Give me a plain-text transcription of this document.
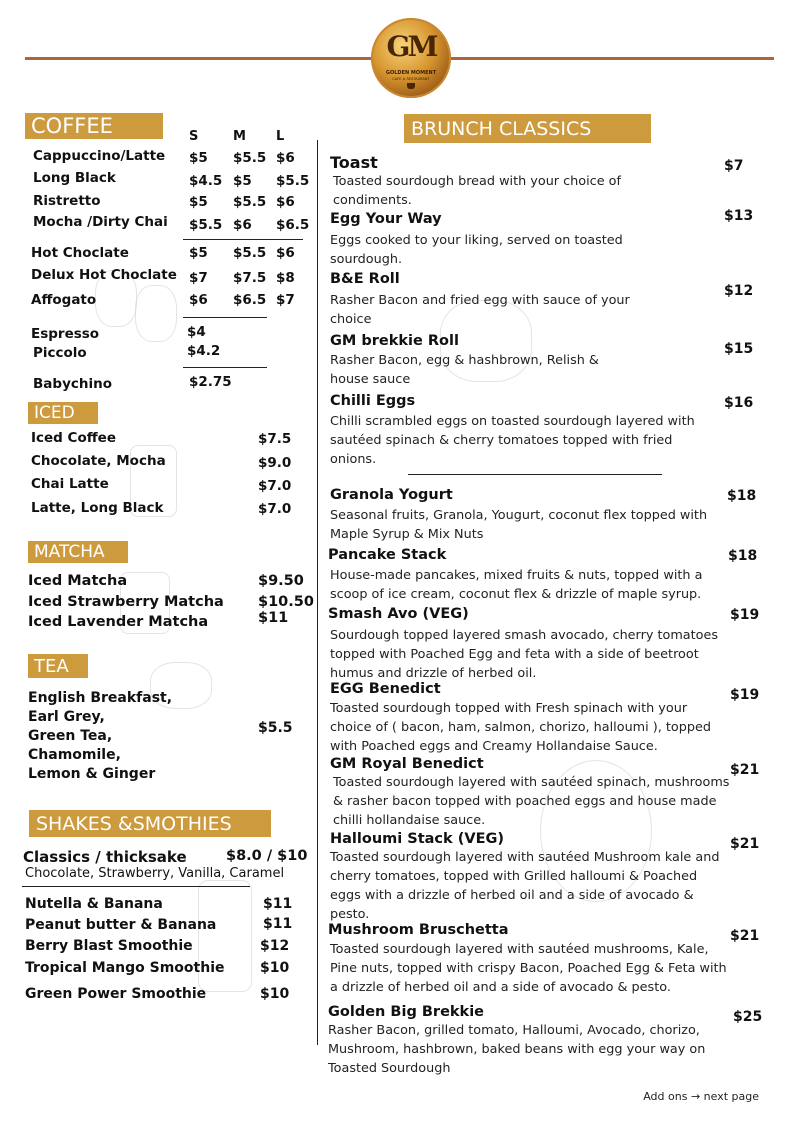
GM
GOLDEN MOMENT
CAFE & RESTAURANT
COFFEE	S	M L
Cappuccino/Latte $5 $5.5 $6
Long Black	$4.5 $5 $5.5
Ristretto	$5 $5.5 $6
Mocha /Dirty Chai $5.5 $6 $6.5
Hot Choclate	$5 $5.5 $6
Delux Hot Choclate $7 $7.5 $8
Affogato	$6 $6.5 $7
Espresso	$4
Piccolo	$4.2
Babychino	$2.75
ICED
Iced Coffee	$7.5
Chocolate, Mocha	$9.0
Chai Latte	$7.0
Latte, Long Black	$7.0
MATCHA
Iced Matcha	$9.50
Iced Strawberry Matcha $10.50
Iced Lavender Matcha	$11
TEA
English Breakfast,
Earl Grey,
Green Tea,
Chamomile,
Lemon & Ginger
$5.5
SHAKES &SMOTHIES
Classics / thicksake	$8.0 / $10
Chocolate, Strawberry, Vanilla, Caramel
Nutella & Banana	$11
Peanut butter & Banana	$11
Berry Blast Smoothie	$12
Tropical Mango Smoothie	$10
Green Power Smoothie	$10
BRUNCH CLASSICS
Toast
Toasted sourdough bread with your choice of condiments.
$7
Egg Your Way
Eggs cooked to your liking, served on toasted sourdough.
$13
B&E Roll
Rasher Bacon and fried egg with sauce of your choice
$12
GM brekkie Roll
Rasher Bacon, egg & hashbrown, Relish & house sauce
$15
Chilli Eggs
Chilli scrambled eggs on toasted sourdough layered with sautéed spinach & cherry tomatoes topped with fried onions.
$16
Granola Yogurt
Seasonal fruits, Granola, Yougurt, coconut flex topped with Maple Syrup & Mix Nuts
$18
Pancake Stack
House-made pancakes, mixed fruits & nuts, topped with a scoop of ice cream, coconut flex & drizzle of maple syrup.
$18
Smash Avo (VEG)
Sourdough topped layered smash avocado, cherry tomatoes topped with Poached Egg and feta with a side of beetroot humus and drizzle of herbed oil.
$19
EGG Benedict
Toasted sourdough topped with Fresh spinach with your choice of ( bacon, ham, salmon, chorizo, halloumi ), topped with Poached eggs and Creamy Hollandaise Sauce.
$19
GM Royal Benedict
Toasted sourdough layered with sautéed spinach, mushrooms & rasher bacon topped with poached eggs and house made chilli hollandaise sauce.
$21
Halloumi Stack (VEG)
Toasted sourdough layered with sautéed Mushroom kale and cherry tomatoes, topped with Grilled halloumi & Poached eggs with a drizzle of herbed oil and a side of avocado & pesto.
$21
Mushroom Bruschetta
Toasted sourdough layered with sautéed mushrooms, Kale, Pine nuts, topped with crispy Bacon, Poached Egg & Feta with a drizzle of herbed oil and a side of avocado & pesto.
$21
Golden Big Brekkie
Rasher Bacon, grilled tomato, Halloumi, Avocado, chorizo, Mushroom, hashbrown, baked beans with egg your way on Toasted Sourdough
$25
Add ons → next page
